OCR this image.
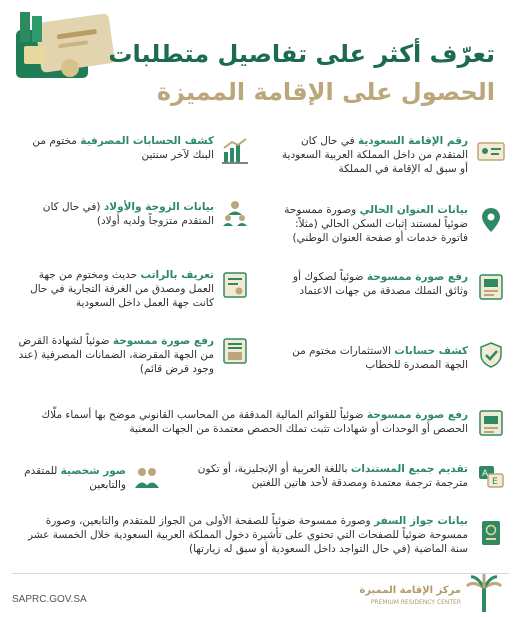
تعرّف أكثر على تفاصيل متطلبات
الحصول على الإقامة المميزة
كشف الحسابات المصرفية مختوم من البنك لآخر سنتين
رقم الإقامة السعودية في حال كان المتقدم من داخل المملكة العربية السعودية أو سبق له الإقامة في المملكة
بيانات الزوجة والأولاد (في حال كان المتقدم متزوجاً ولديه أولاد)
بيانات العنوان الحالي وصورة ممسوحة ضوئياً لمستند إثبات السكن الحالي (مثلاً: فاتورة خدمات أو صفحة العنوان الوطني)
تعريف بالراتب حديث ومختوم من جهة العمل ومصدق من الغرفة التجارية في حال كانت جهة العمل داخل السعودية
رفع صورة ممسوحة ضوئياً لصكوك أو وثائق التملك مصدقة من جهات الاعتماد
رفع صورة ممسوحة ضوئياً لشهادة القرض من الجهة المقرضة، الضمانات المصرفية (عند وجود قرض قائم)
كشف حسابات الاستثمارات مختوم من الجهة المصدرة للخطاب
رفع صورة ممسوحة ضوئياً للقوائم المالية المدققة من المحاسب القانوني موضح بها أسماء ملّاك الحصص أو الوحدات أو شهادات تثبت تملك الحصص معتمدة من الجهات المعنية
صور شخصية للمتقدم والتابعين
تقديم جميع المستندات باللغة العربية أو الإنجليزية، أو تكون مترجمة ترجمة معتمدة ومصدقة لأحد هاتين اللغتين
A
E
بيانات جواز السفر وصورة ممسوحة ضوئياً للصفحة الأولى من الجواز للمتقدم والتابعين، وصورة ممسوحة ضوئياً للصفحات التي تحتوي على تأشيرة دخول المملكة العربية السعودية خلال الخمسة عشر سنة الماضية (في حال التواجد داخل السعودية أو سبق له زيارتها)
SAPRC.GOV.SA
مركز الإقامة المميزة
PREMIUM RESIDENCY CENTER
